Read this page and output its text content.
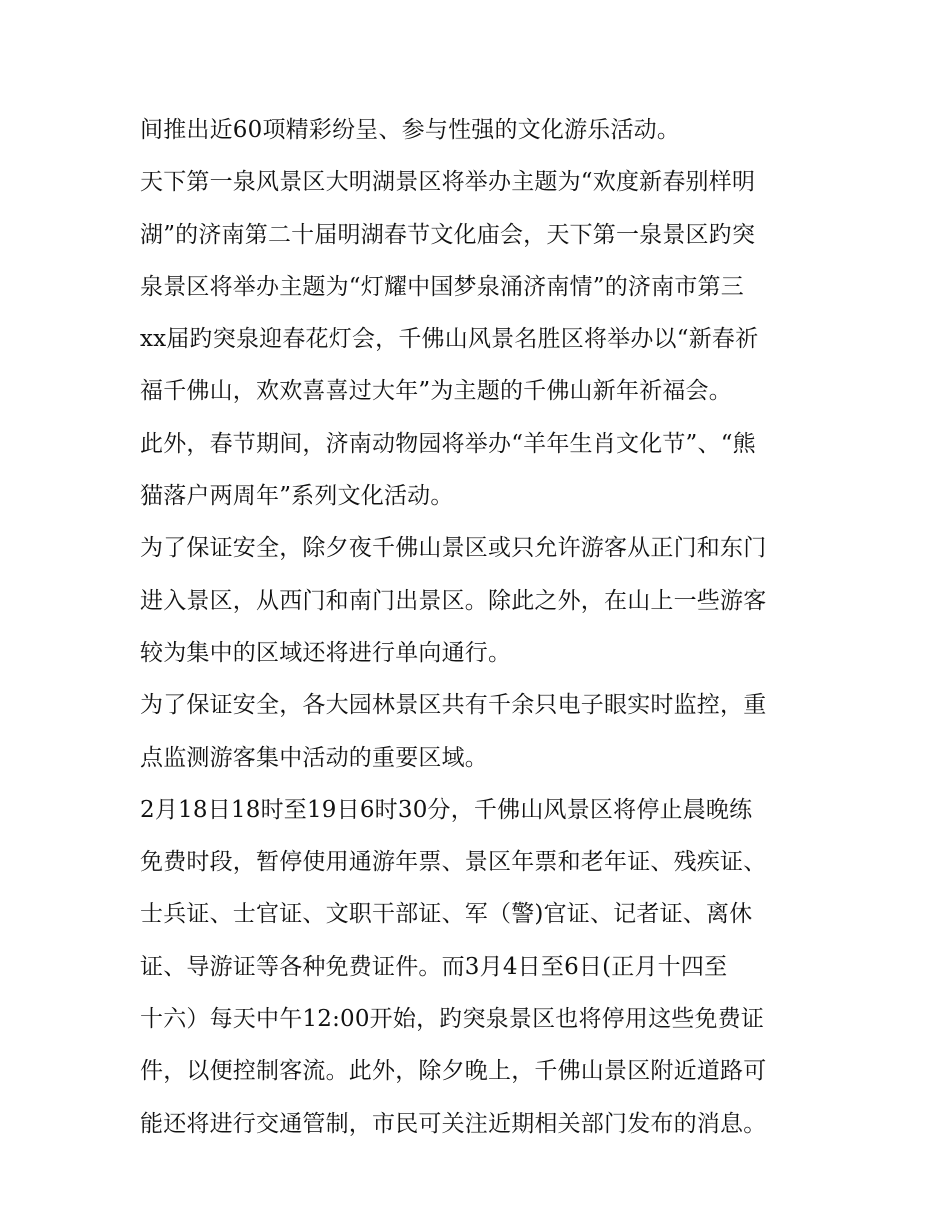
间推出近60项精彩纷呈、参与性强的文化游乐活动。
天下第一泉风景区大明湖景区将举办主题为“欢度新春别样明
湖”的济南第二十届明湖春节文化庙会，天下第一泉景区趵突
泉景区将举办主题为“灯耀中国梦泉涌济南情”的济南市第三
xx届趵突泉迎春花灯会，千佛山风景名胜区将举办以“新春祈
福千佛山，欢欢喜喜过大年”为主题的千佛山新年祈福会。
此外，春节期间，济南动物园将举办“羊年生肖文化节”、“熊
猫落户两周年”系列文化活动。
为了保证安全，除夕夜千佛山景区或只允许游客从正门和东门
进入景区，从西门和南门出景区。除此之外，在山上一些游客
较为集中的区域还将进行单向通行。
为了保证安全，各大园林景区共有千余只电子眼实时监控，重
点监测游客集中活动的重要区域。
2月18日18时至19日6时30分，千佛山风景区将停止晨晚练
免费时段，暂停使用通游年票、景区年票和老年证、残疾证、
士兵证、士官证、文职干部证、军（警)官证、记者证、离休
证、导游证等各种免费证件。而3月4日至6日(正月十四至
十六）每天中午12:00开始，趵突泉景区也将停用这些免费证
件，以便控制客流。此外，除夕晚上，千佛山景区附近道路可
能还将进行交通管制，市民可关注近期相关部门发布的消息。
